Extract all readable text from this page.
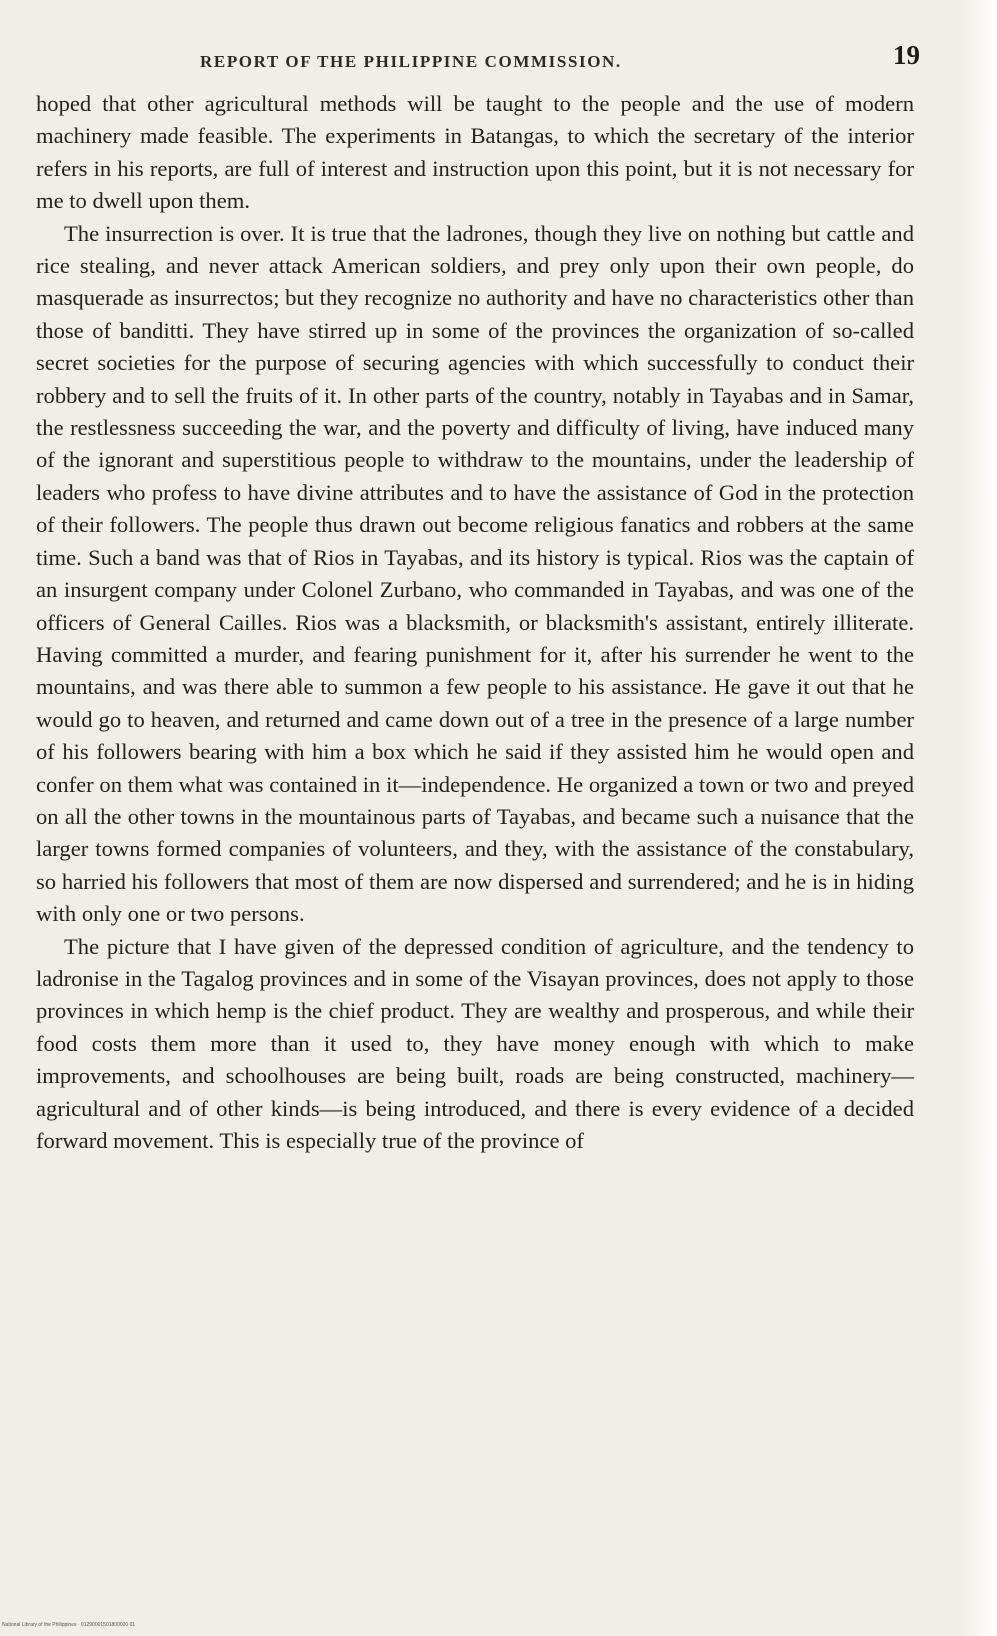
REPORT OF THE PHILIPPINE COMMISSION.	19

hoped that other agricultural methods will be taught to the people and the use of modern machinery made feasible. The experiments in Batangas, to which the secretary of the interior refers in his reports, are full of interest and instruction upon this point, but it is not necessary for me to dwell upon them.

The insurrection is over. It is true that the ladrones, though they live on nothing but cattle and rice stealing, and never attack American soldiers, and prey only upon their own people, do masquerade as insurrectos; but they recognize no authority and have no characteristics other than those of banditti. They have stirred up in some of the provinces the organization of so-called secret societies for the purpose of securing agencies with which successfully to conduct their robbery and to sell the fruits of it. In other parts of the country, notably in Tayabas and in Samar, the restlessness succeeding the war, and the poverty and difficulty of living, have induced many of the ignorant and superstitious people to withdraw to the mountains, under the leadership of leaders who profess to have divine attributes and to have the assistance of God in the protection of their followers. The people thus drawn out become religious fanatics and robbers at the same time. Such a band was that of Rios in Tayabas, and its history is typical. Rios was the captain of an insurgent company under Colonel Zurbano, who commanded in Tayabas, and was one of the officers of General Cailles. Rios was a blacksmith, or blacksmith's assistant, entirely illiterate. Having committed a murder, and fearing punishment for it, after his surrender he went to the mountains, and was there able to summon a few people to his assistance. He gave it out that he would go to heaven, and returned and came down out of a tree in the presence of a large number of his followers bearing with him a box which he said if they assisted him he would open and confer on them what was contained in it—independence. He organized a town or two and preyed on all the other towns in the mountainous parts of Tayabas, and became such a nuisance that the larger towns formed companies of volunteers, and they, with the assistance of the constabulary, so harried his followers that most of them are now dispersed and surrendered; and he is in hiding with only one or two persons.

The picture that I have given of the depressed condition of agriculture, and the tendency to ladronise in the Tagalog provinces and in some of the Visayan provinces, does not apply to those provinces in which hemp is the chief product. They are wealthy and prosperous, and while their food costs them more than it used to, they have money enough with which to make improvements, and schoolhouses are being built, roads are being constructed, machinery—agricultural and of other kinds—is being introduced, and there is every evidence of a decided forward movement. This is especially true of the province of

National Library of the Philippines · 01290001501800020 01
